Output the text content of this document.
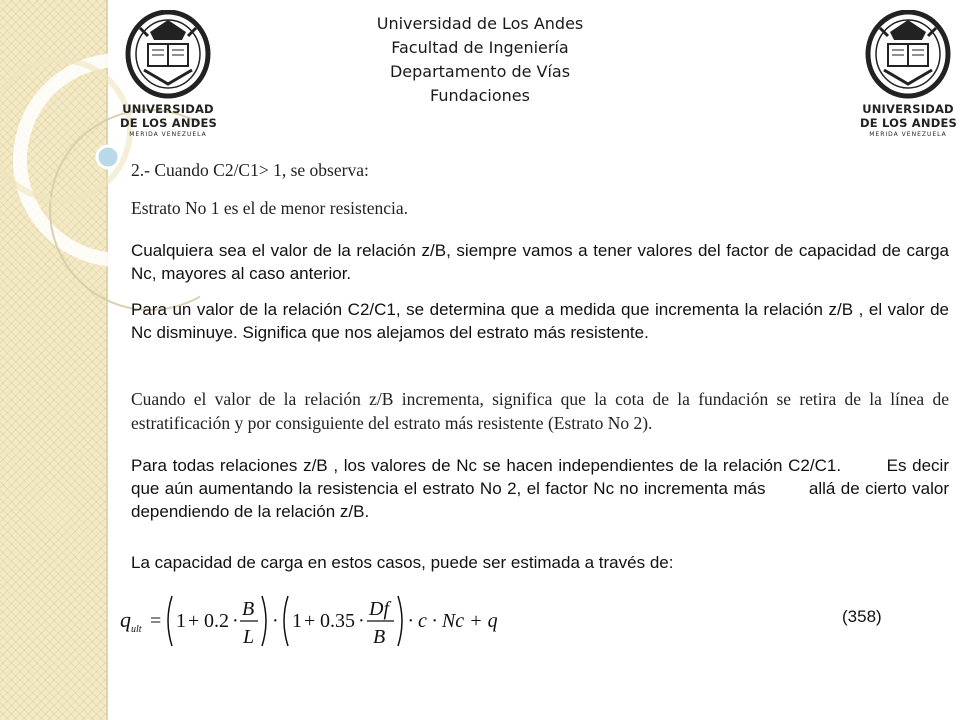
UNIVERSIDAD
DE LOS ANDES
MERIDA VENEZUELA
UNIVERSIDAD
DE LOS ANDES
MERIDA VENEZUELA
Universidad de Los Andes
Facultad de Ingeniería
Departamento de Vías
Fundaciones
2.- Cuando C2/C1> 1, se observa:
Estrato No 1 es el de menor resistencia.
Cualquiera sea el valor de la relación z/B, siempre vamos a tener valores del factor de capacidad de carga Nc, mayores al caso anterior.
Para un valor de la relación C2/C1, se determina que a medida que incrementa la relación z/B , el valor de Nc disminuye. Significa que nos alejamos del estrato más resistente.
Cuando el valor de la relación z/B incrementa, significa que la cota de la fundación se retira de la línea de estratificación y por consiguiente del estrato más resistente (Estrato No 2).
Para todas relaciones z/B , los valores de Nc se hacen independientes de la relación C2/C1.        Es decir que aún aumentando la resistencia el estrato No 2, el factor Nc no incrementa más        allá de cierto valor dependiendo de la relación z/B.
La capacidad de carga en estos casos, puede ser estimada a través de:
q ult = 1 + 0.2 ·
B
L
· 1 + 0.35 ·
Df
B
· c · Nc + q	(358)
